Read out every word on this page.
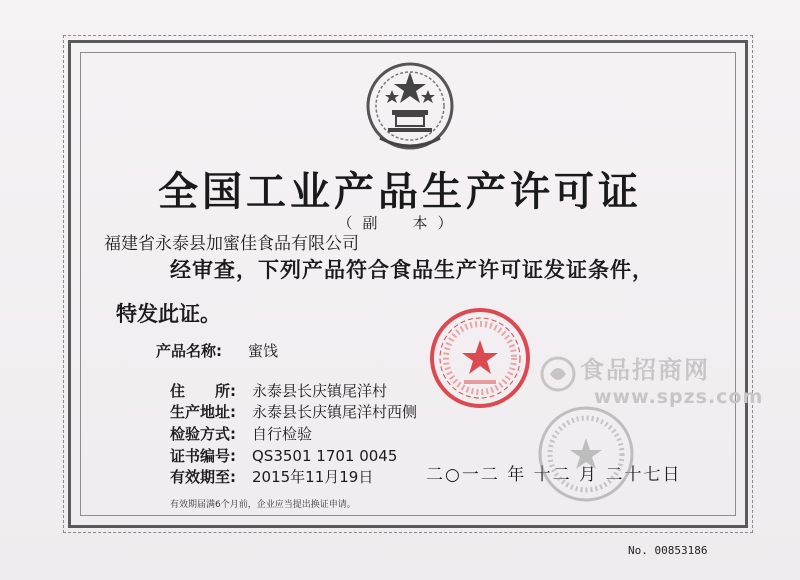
全国工业产品生产许可证
（副　本）
福建省永泰县加蜜佳食品有限公司
经审查，下列产品符合食品生产许可证发证条件，
特发此证。
产品名称: 蜜饯
住　　所: 永泰县长庆镇尾洋村
生产地址: 永泰县长庆镇尾洋村西侧
检验方式: 自行检验
证书编号: QS3501 1701 0045
有效期至: 2015年11月19日	二○一二 年 十二 月 二十七日
有效期届满6个月前，企业应当提出换证申请。
No. 00853186
食品招商网
www.spzs.com
